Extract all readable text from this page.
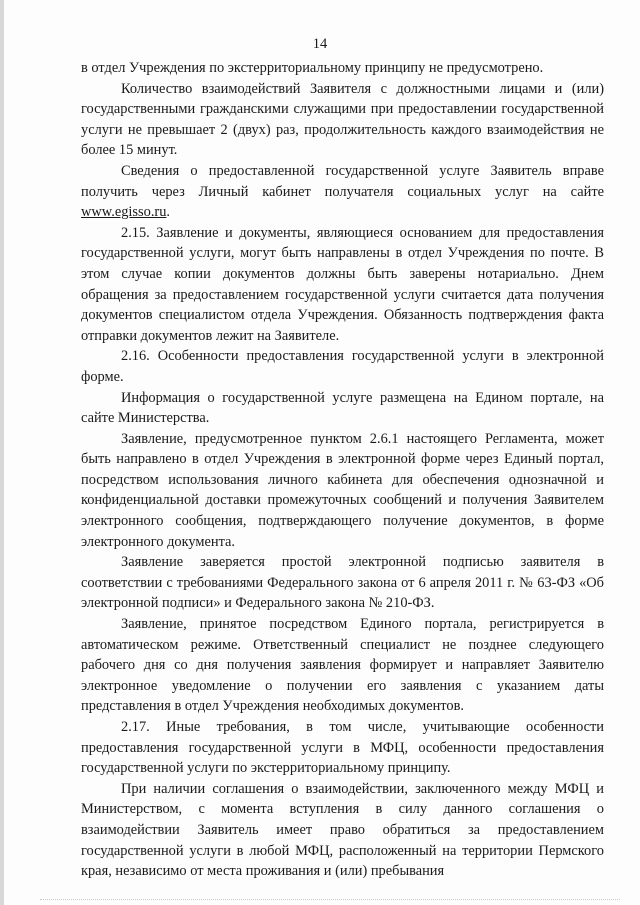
14

в отдел Учреждения по экстерриториальному принципу не предусмотрено.

Количество взаимодействий Заявителя с должностными лицами и (или) государственными гражданскими служащими при предоставлении государственной услуги не превышает 2 (двух) раз, продолжительность каждого взаимодействия не более 15 минут.

Сведения о предоставленной государственной услуге Заявитель вправе получить через Личный кабинет получателя социальных услуг на сайте www.egisso.ru.

2.15. Заявление и документы, являющиеся основанием для предоставления государственной услуги, могут быть направлены в отдел Учреждения по почте. В этом случае копии документов должны быть заверены нотариально. Днем обращения за предоставлением государственной услуги считается дата получения документов специалистом отдела Учреждения. Обязанность подтверждения факта отправки документов лежит на Заявителе.

2.16. Особенности предоставления государственной услуги в электронной форме.

Информация о государственной услуге размещена на Едином портале, на сайте Министерства.

Заявление, предусмотренное пунктом 2.6.1 настоящего Регламента, может быть направлено в отдел Учреждения в электронной форме через Единый портал, посредством использования личного кабинета для обеспечения однозначной и конфиденциальной доставки промежуточных сообщений и получения Заявителем электронного сообщения, подтверждающего получение документов, в форме электронного документа.

Заявление заверяется простой электронной подписью заявителя в соответствии с требованиями Федерального закона от 6 апреля 2011 г. № 63-ФЗ «Об электронной подписи» и Федерального закона № 210-ФЗ.

Заявление, принятое посредством Единого портала, регистрируется в автоматическом режиме. Ответственный специалист не позднее следующего рабочего дня со дня получения заявления формирует и направляет Заявителю электронное уведомление о получении его заявления с указанием даты представления в отдел Учреждения необходимых документов.

2.17. Иные требования, в том числе, учитывающие особенности предоставления государственной услуги в МФЦ, особенности предоставления государственной услуги по экстерриториальному принципу.

При наличии соглашения о взаимодействии, заключенного между МФЦ и Министерством, с момента вступления в силу данного соглашения о взаимодействии Заявитель имеет право обратиться за предоставлением государственной услуги в любой МФЦ, расположенный на территории Пермского края, независимо от места проживания и (или) пребывания
